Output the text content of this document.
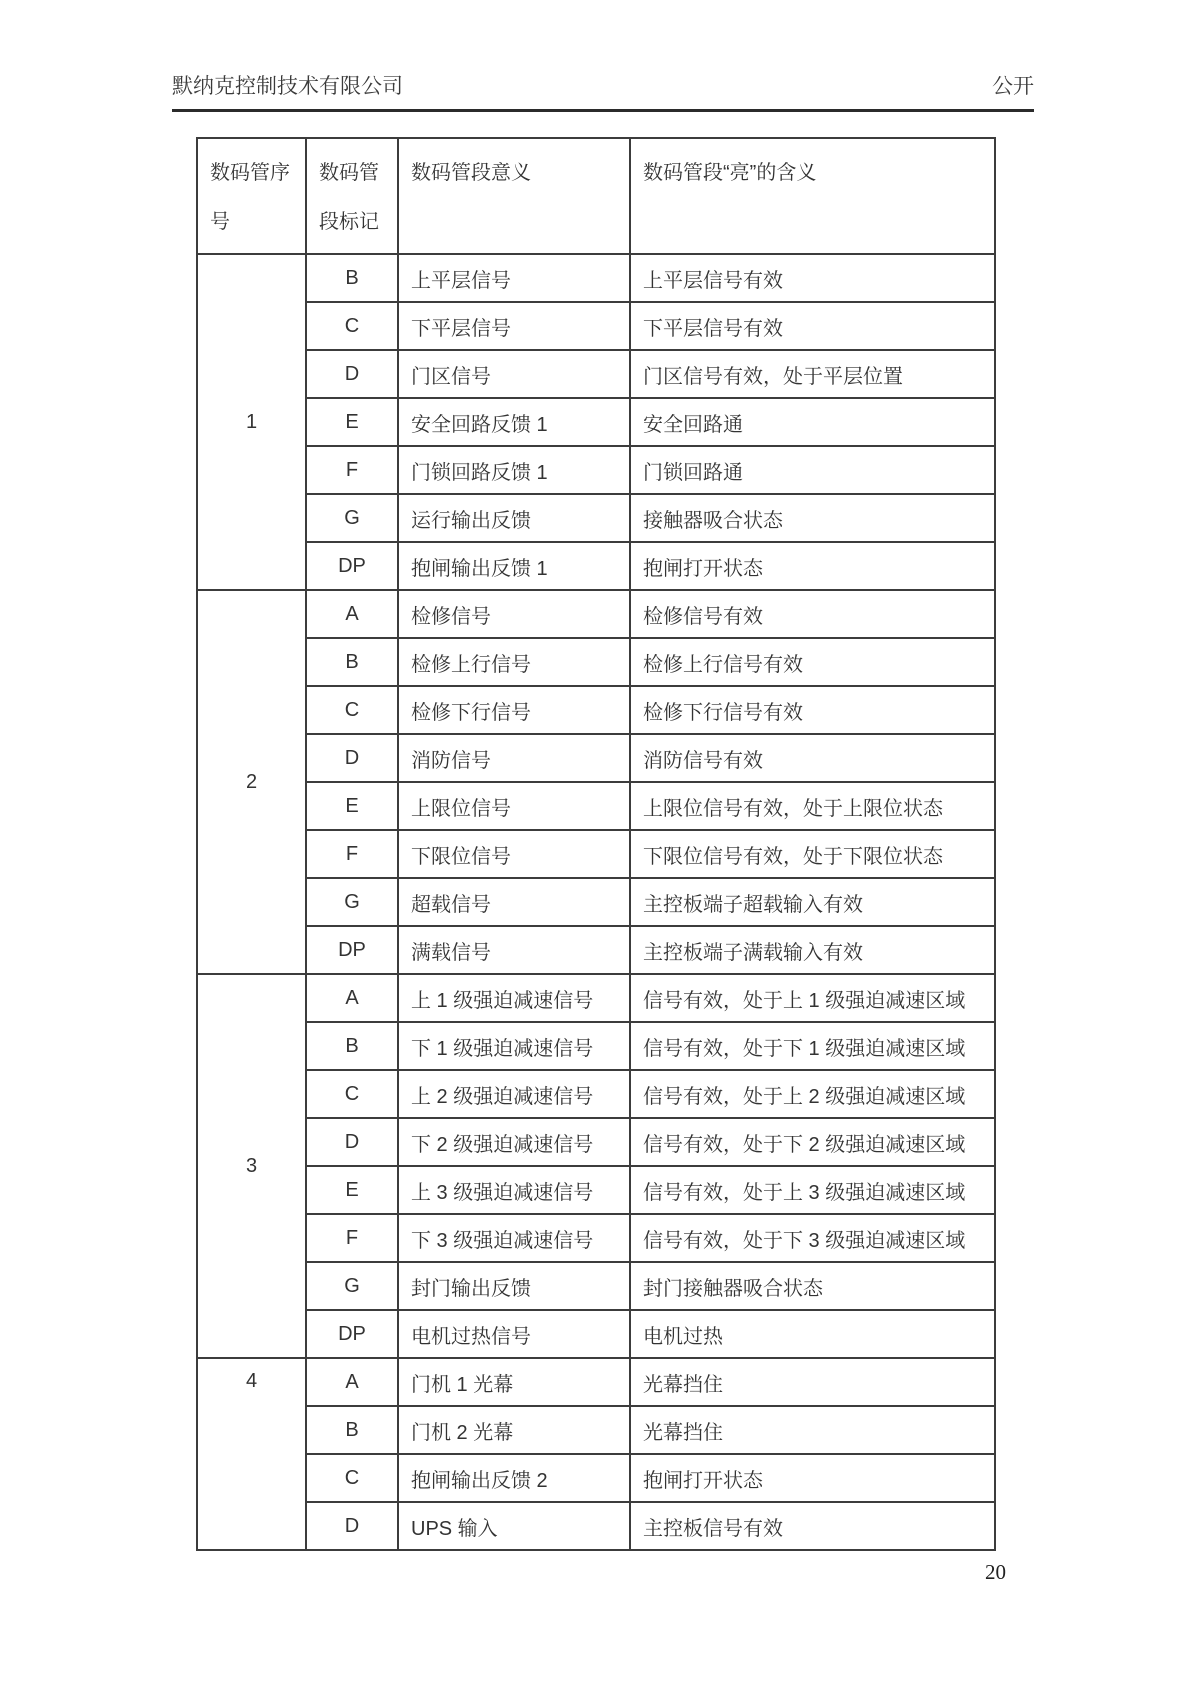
默纳克控制技术有限公司	公开
数码管序号	数码管段标记	数码管段意义	数码管段“亮”的含义
1	B	上平层信号	上平层信号有效
	C	下平层信号	下平层信号有效
	D	门区信号	门区信号有效，处于平层位置
	E	安全回路反馈 1	安全回路通
	F	门锁回路反馈 1	门锁回路通
	G	运行输出反馈	接触器吸合状态
	DP	抱闸输出反馈 1	抱闸打开状态
2	A	检修信号	检修信号有效
	B	检修上行信号	检修上行信号有效
	C	检修下行信号	检修下行信号有效
	D	消防信号	消防信号有效
	E	上限位信号	上限位信号有效，处于上限位状态
	F	下限位信号	下限位信号有效，处于下限位状态
	G	超载信号	主控板端子超载输入有效
	DP	满载信号	主控板端子满载输入有效
3	A	上 1 级强迫减速信号	信号有效，处于上 1 级强迫减速区域
	B	下 1 级强迫减速信号	信号有效，处于下 1 级强迫减速区域
	C	上 2 级强迫减速信号	信号有效，处于上 2 级强迫减速区域
	D	下 2 级强迫减速信号	信号有效，处于下 2 级强迫减速区域
	E	上 3 级强迫减速信号	信号有效，处于上 3 级强迫减速区域
	F	下 3 级强迫减速信号	信号有效，处于下 3 级强迫减速区域
	G	封门输出反馈	封门接触器吸合状态
	DP	电机过热信号	电机过热
4	A	门机 1 光幕	光幕挡住
	B	门机 2 光幕	光幕挡住
	C	抱闸输出反馈 2	抱闸打开状态
	D	UPS 输入	主控板信号有效
20
